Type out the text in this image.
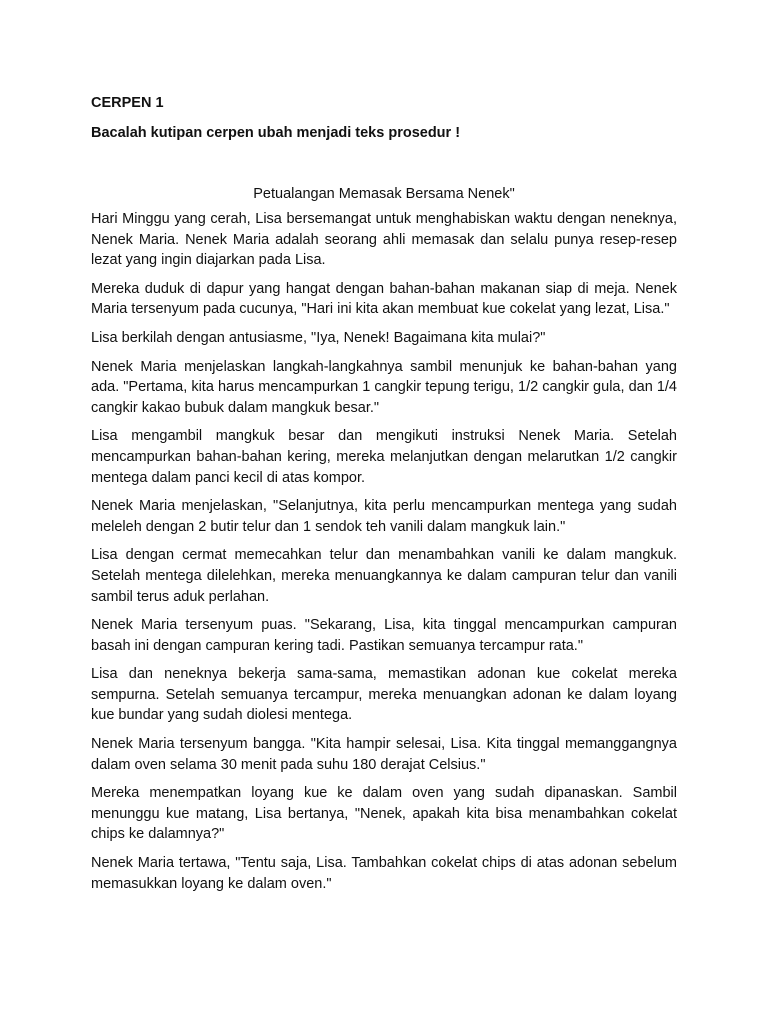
CERPEN 1

Bacalah kutipan cerpen ubah menjadi teks prosedur !

Petualangan Memasak Bersama Nenek"

Hari Minggu yang cerah, Lisa bersemangat untuk menghabiskan waktu dengan neneknya, Nenek Maria. Nenek Maria adalah seorang ahli memasak dan selalu punya resep-resep lezat yang ingin diajarkan pada Lisa.

Mereka duduk di dapur yang hangat dengan bahan-bahan makanan siap di meja. Nenek Maria tersenyum pada cucunya, "Hari ini kita akan membuat kue cokelat yang lezat, Lisa."

Lisa berkilah dengan antusiasme, "Iya, Nenek! Bagaimana kita mulai?"

Nenek Maria menjelaskan langkah-langkahnya sambil menunjuk ke bahan-bahan yang ada. "Pertama, kita harus mencampurkan 1 cangkir tepung terigu, 1/2 cangkir gula, dan 1/4 cangkir kakao bubuk dalam mangkuk besar."

Lisa mengambil mangkuk besar dan mengikuti instruksi Nenek Maria. Setelah mencampurkan bahan-bahan kering, mereka melanjutkan dengan melarutkan 1/2 cangkir mentega dalam panci kecil di atas kompor.

Nenek Maria menjelaskan, "Selanjutnya, kita perlu mencampurkan mentega yang sudah meleleh dengan 2 butir telur dan 1 sendok teh vanili dalam mangkuk lain."

Lisa dengan cermat memecahkan telur dan menambahkan vanili ke dalam mangkuk. Setelah mentega dilelehkan, mereka menuangkannya ke dalam campuran telur dan vanili sambil terus aduk perlahan.

Nenek Maria tersenyum puas. "Sekarang, Lisa, kita tinggal mencampurkan campuran basah ini dengan campuran kering tadi. Pastikan semuanya tercampur rata."

Lisa dan neneknya bekerja sama-sama, memastikan adonan kue cokelat mereka sempurna. Setelah semuanya tercampur, mereka menuangkan adonan ke dalam loyang kue bundar yang sudah diolesi mentega.

Nenek Maria tersenyum bangga. "Kita hampir selesai, Lisa. Kita tinggal memanggangnya dalam oven selama 30 menit pada suhu 180 derajat Celsius."

Mereka menempatkan loyang kue ke dalam oven yang sudah dipanaskan. Sambil menunggu kue matang, Lisa bertanya, "Nenek, apakah kita bisa menambahkan cokelat chips ke dalamnya?"

Nenek Maria tertawa, "Tentu saja, Lisa. Tambahkan cokelat chips di atas adonan sebelum memasukkan loyang ke dalam oven."
